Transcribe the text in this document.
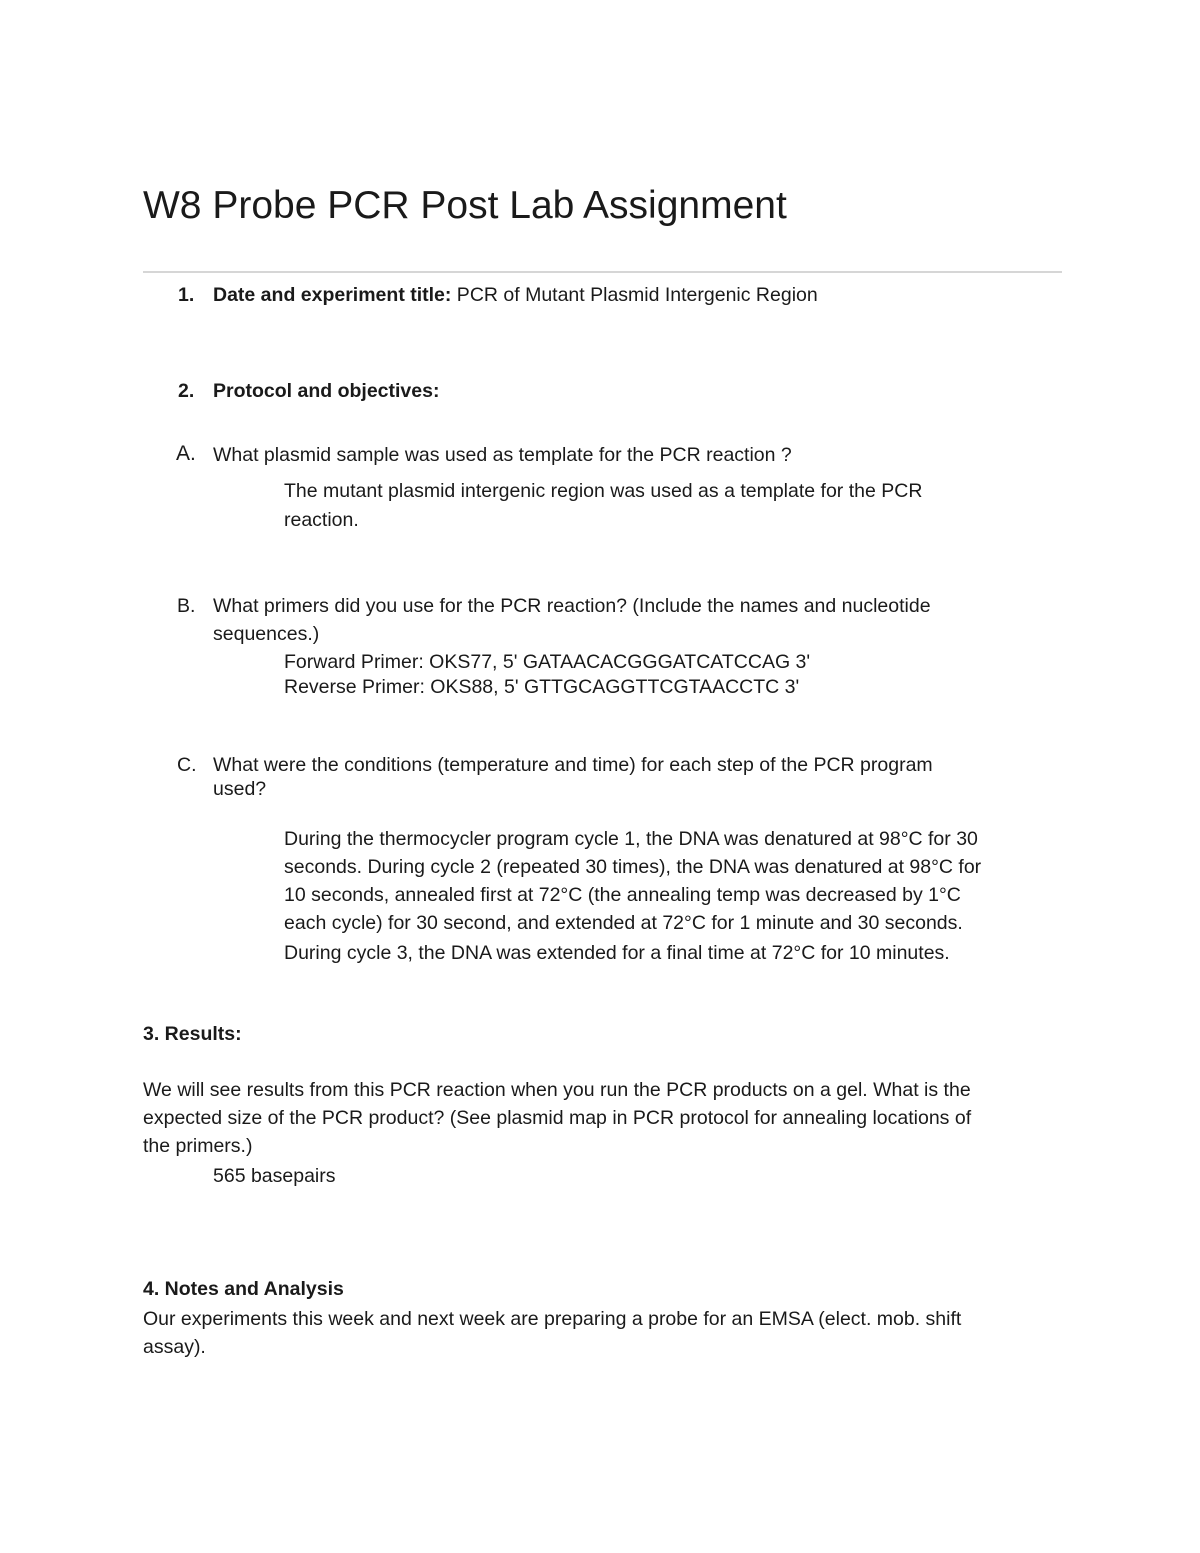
W8 Probe PCR Post Lab Assignment
1. Date and experiment title: PCR of Mutant Plasmid Intergenic Region
2. Protocol and objectives:
A. What plasmid sample was used as template for the PCR reaction ?
The mutant plasmid intergenic region was used as a template for the PCR
reaction.
B. What primers did you use for the PCR reaction? (Include the names and nucleotide
sequences.)
Forward Primer: OKS77, 5' GATAACACGGGATCATCCAG 3'
Reverse Primer: OKS88, 5' GTTGCAGGTTCGTAACCTC 3'
C. What were the conditions (temperature and time) for each step of the PCR program
used?
During the thermocycler program cycle 1, the DNA was denatured at 98°C for 30
seconds. During cycle 2 (repeated 30 times), the DNA was denatured at 98°C for
10 seconds, annealed first at 72°C (the annealing temp was decreased by 1°C
each cycle) for 30 second, and extended at 72°C for 1 minute and 30 seconds.
During cycle 3, the DNA was extended for a final time at 72°C for 10 minutes.
3. Results:
We will see results from this PCR reaction when you run the PCR products on a gel. What is the
expected size of the PCR product? (See plasmid map in PCR protocol for annealing locations of
the primers.)
565 basepairs
4. Notes and Analysis
Our experiments this week and next week are preparing a probe for an EMSA (elect. mob. shift
assay).
